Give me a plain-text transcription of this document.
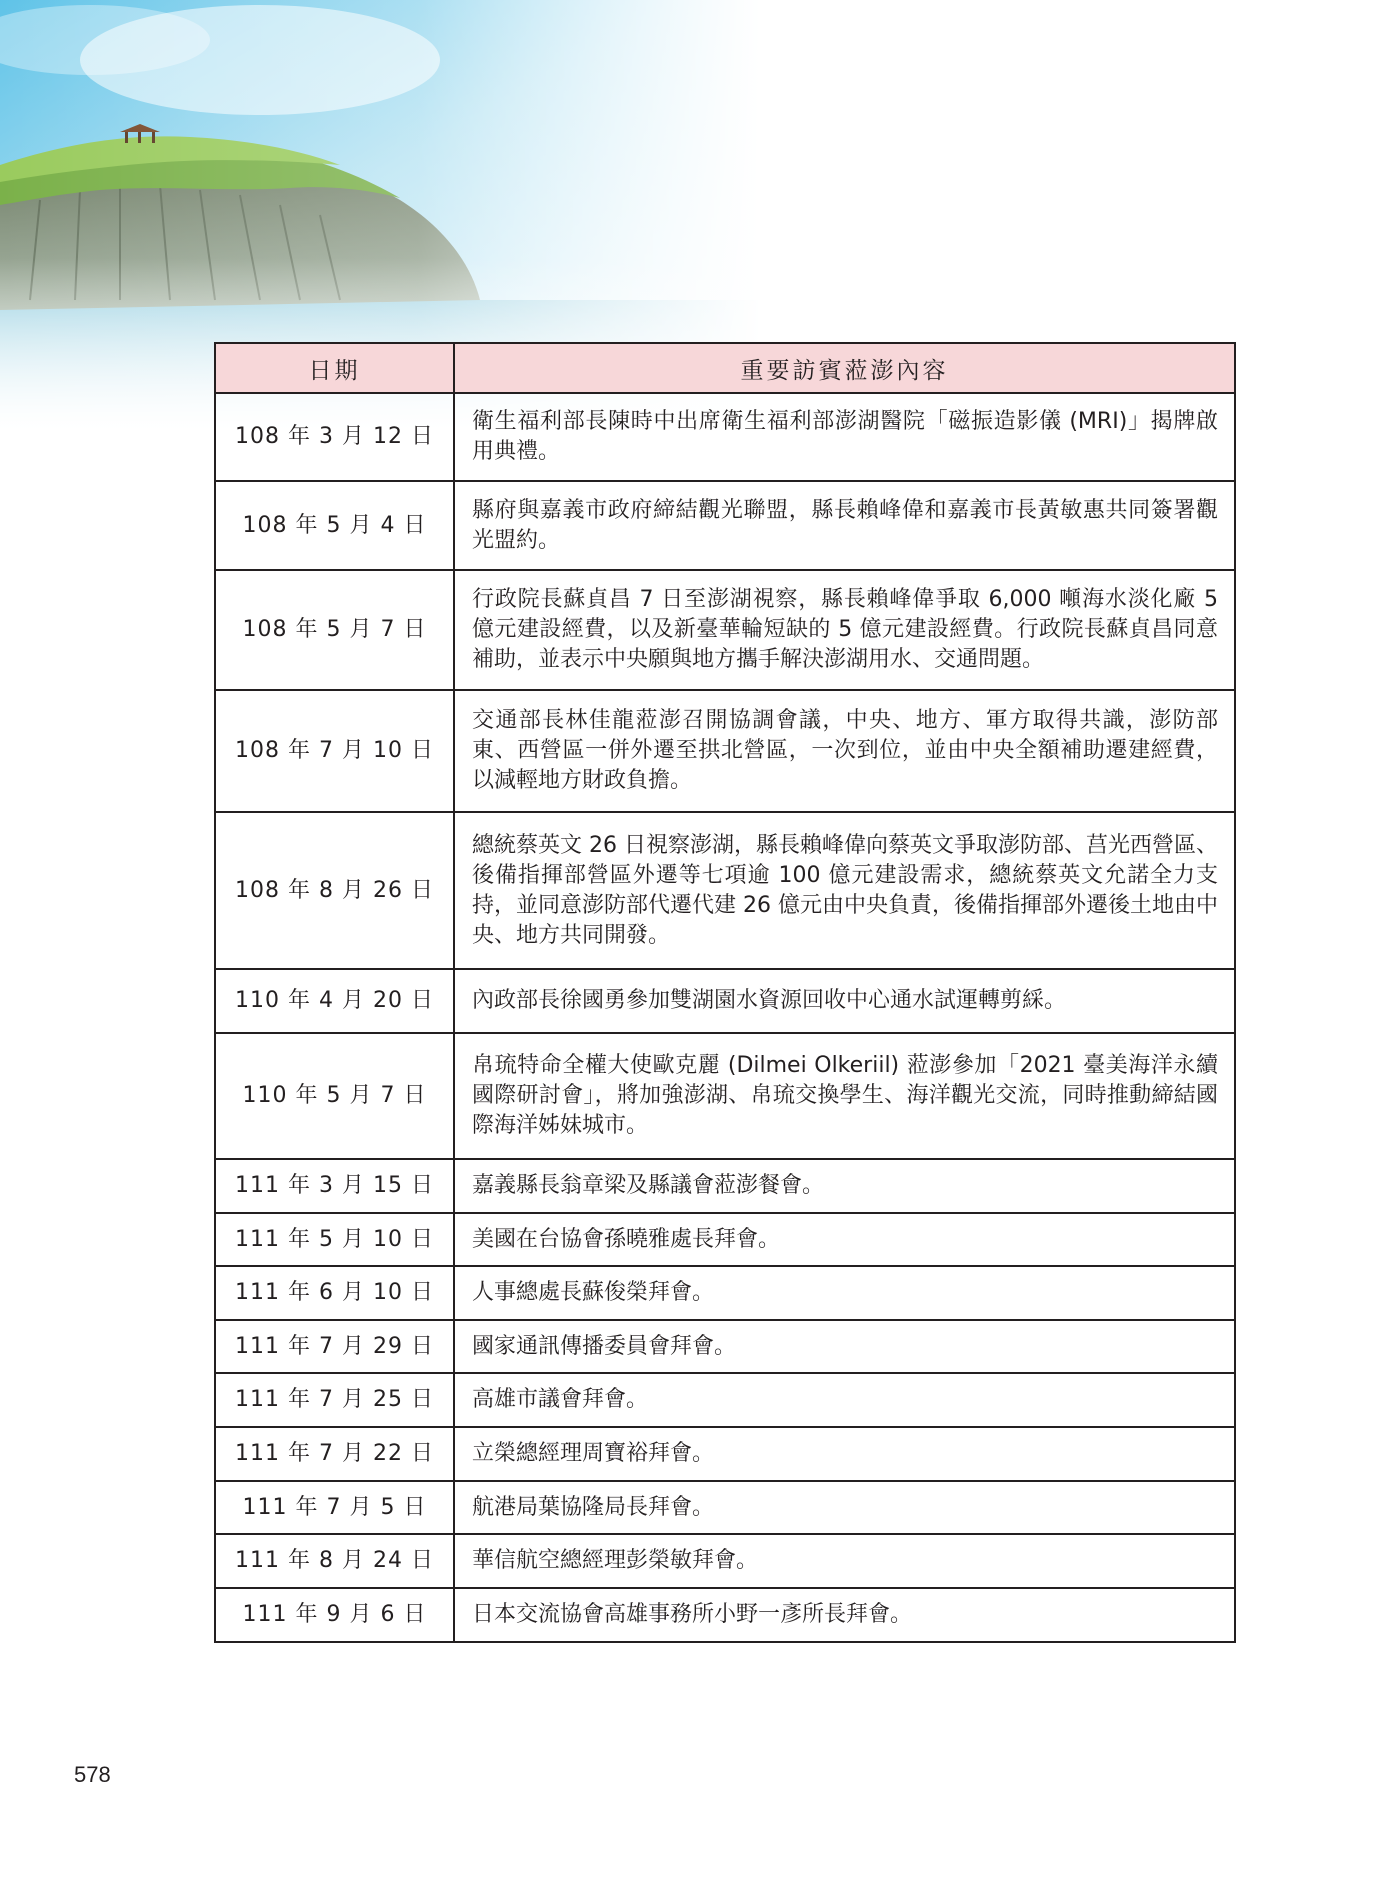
日期	重要訪賓蒞澎內容
108 年 3 月 12 日	衛生福利部長陳時中出席衛生福利部澎湖醫院「磁振造影儀 (MRI)」揭牌啟用典禮。
108 年 5 月 4 日	縣府與嘉義市政府締結觀光聯盟，縣長賴峰偉和嘉義市長黃敏惠共同簽署觀光盟約。
108 年 5 月 7 日	行政院長蘇貞昌 7 日至澎湖視察，縣長賴峰偉爭取 6,000 噸海水淡化廠 5 億元建設經費，以及新臺華輪短缺的 5 億元建設經費。行政院長蘇貞昌同意補助，並表示中央願與地方攜手解決澎湖用水、交通問題。
108 年 7 月 10 日	交通部長林佳龍蒞澎召開協調會議，中央、地方、軍方取得共識，澎防部東、西營區一併外遷至拱北營區，一次到位，並由中央全額補助遷建經費，以減輕地方財政負擔。
108 年 8 月 26 日	總統蔡英文 26 日視察澎湖，縣長賴峰偉向蔡英文爭取澎防部、莒光西營區、後備指揮部營區外遷等七項逾 100 億元建設需求，總統蔡英文允諾全力支持，並同意澎防部代遷代建 26 億元由中央負責，後備指揮部外遷後土地由中央、地方共同開發。
110 年 4 月 20 日	內政部長徐國勇參加雙湖園水資源回收中心通水試運轉剪綵。
110 年 5 月 7 日	帛琉特命全權大使歐克麗 (Dilmei Olkeriil) 蒞澎參加「2021 臺美海洋永續國際研討會」，將加強澎湖、帛琉交換學生、海洋觀光交流，同時推動締結國際海洋姊妹城市。
111 年 3 月 15 日	嘉義縣長翁章梁及縣議會蒞澎餐會。
111 年 5 月 10 日	美國在台協會孫曉雅處長拜會。
111 年 6 月 10 日	人事總處長蘇俊榮拜會。
111 年 7 月 29 日	國家通訊傳播委員會拜會。
111 年 7 月 25 日	高雄市議會拜會。
111 年 7 月 22 日	立榮總經理周寶裕拜會。
111 年 7 月 5 日	航港局葉協隆局長拜會。
111 年 8 月 24 日	華信航空總經理彭榮敏拜會。
111 年 9 月 6 日	日本交流協會高雄事務所小野一彥所長拜會。
578
